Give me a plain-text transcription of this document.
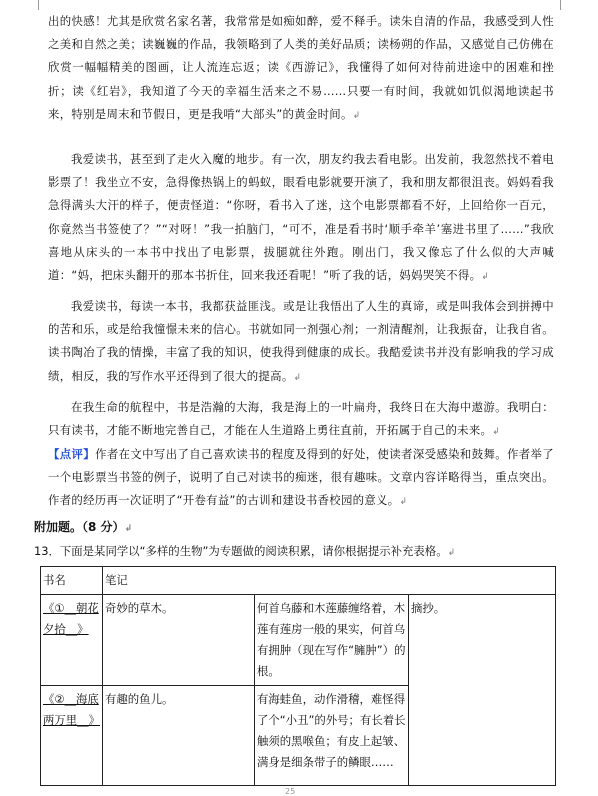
出的快感！尤其是欣赏名家名著，我常常是如痴如醉，爱不释手。读朱自清的作品，我感受到人性之美和自然之美；读巍巍的作品，我领略到了人类的美好品质；读杨朔的作品，又感觉自己仿佛在欣赏一幅幅精美的图画，让人流连忘返；读《西游记》，我懂得了如何对待前进途中的困难和挫折；读《红岩》，我知道了今天的幸福生活来之不易……只要一有时间，我就如饥似渴地读起书来，特别是周末和节假日，更是我啃“大部头”的黄金时间。↲

我爱读书，甚至到了走火入魔的地步。有一次，朋友约我去看电影。出发前，我忽然找不着电影票了！我坐立不安，急得像热锅上的蚂蚁，眼看电影就要开演了，我和朋友都很沮丧。妈妈看我急得满头大汗的样子，便责怪道：“你呀，看书入了迷，这个电影票都看不好，上回给你一百元，你竟然当书签使了？”“对呀！”我一拍脑门，“可不，准是看书时‘顺手牵羊’塞进书里了……”我欣喜地从床头的一本书中找出了电影票，拔腿就往外跑。刚出门，我又像忘了什么似的大声喊道：“妈，把床头翻开的那本书折住，回来我还看呢！”听了我的话，妈妈哭笑不得。↲

我爱读书，每读一本书，我都获益匪浅。或是让我悟出了人生的真谛，或是叫我体会到拼搏中的苦和乐，或是给我憧憬未来的信心。书就如同一剂强心剂；一剂清醒剂，让我振奋，让我自省。读书陶冶了我的情操，丰富了我的知识，使我得到健康的成长。我酷爱读书并没有影响我的学习成绩，相反，我的写作水平还得到了很大的提高。↲

在我生命的航程中，书是浩瀚的大海，我是海上的一叶扁舟，我终日在大海中遨游。我明白：只有读书，才能不断地完善自己，才能在人生道路上勇往直前，开拓属于自己的未来。↲

【点评】作者在文中写出了自己喜欢读书的程度及得到的好处，使读者深受感染和鼓舞。作者举了一个电影票当书签的例子，说明了自己对读书的痴迷，很有趣味。文章内容详略得当，重点突出。作者的经历再一次证明了“开卷有益”的古训和建设书香校园的意义。↲

附加题。（8 分）↲
13．下面是某同学以“多样的生物”为专题做的阅读积累，请你根据提示补充表格。↲
书名	笔记		
《①__朝花夕拾__》	奇妙的草木。	何首乌藤和木莲藤缠络着，木莲有莲房一般的果实，何首乌有拥肿（现在写作“臃肿”）的根。	摘抄。
《②__海底两万里__》	有趣的鱼儿。	有海蛙鱼，动作滑稽，难怪得了个“小丑”的外号；有长着长触须的黑喉鱼；有皮上起皱、满身是细条带子的鳞眼……	
25
